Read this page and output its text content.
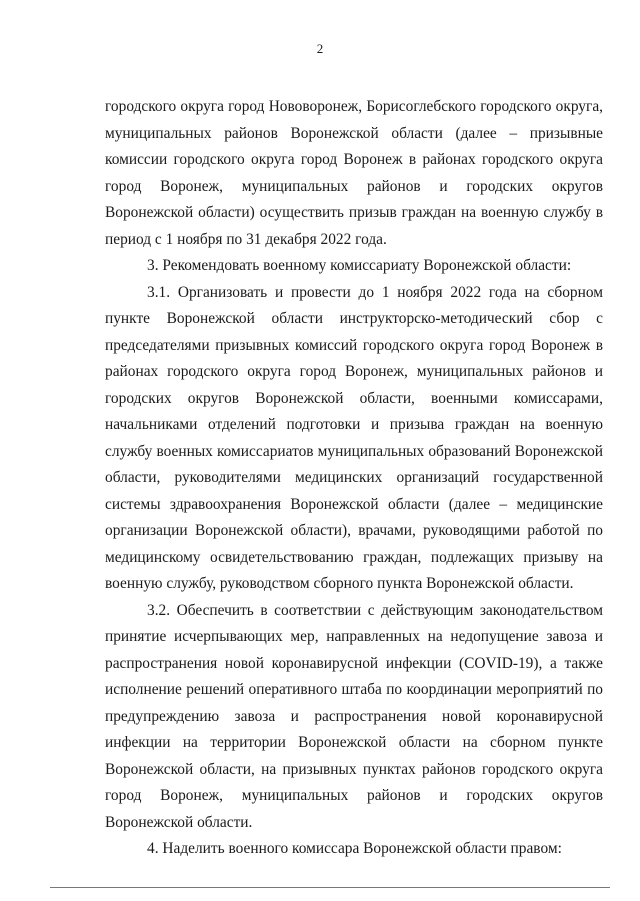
2

городского округа город Нововоронеж, Борисоглебского городского округа, муниципальных районов Воронежской области (далее – призывные комиссии городского округа город Воронеж в районах городского округа город Воронеж, муниципальных районов и городских округов Воронежской области) осуществить призыв граждан на военную службу в период с 1 ноября по 31 декабря 2022 года.

3. Рекомендовать военному комиссариату Воронежской области:

3.1. Организовать и провести до 1 ноября 2022 года на сборном пункте Воронежской области инструкторско-методический сбор с председателями призывных комиссий городского округа город Воронеж в районах городского округа город Воронеж, муниципальных районов и городских округов Воронежской области, военными комиссарами, начальниками отделений подготовки и призыва граждан на военную службу военных комиссариатов муниципальных образований Воронежской области, руководителями медицинских организаций государственной системы здравоохранения Воронежской области (далее – медицинские организации Воронежской области), врачами, руководящими работой по медицинскому освидетельствованию граждан, подлежащих призыву на военную службу, руководством сборного пункта Воронежской области.

3.2. Обеспечить в соответствии с действующим законодательством принятие исчерпывающих мер, направленных на недопущение завоза и распространения новой коронавирусной инфекции (COVID-19), а также исполнение решений оперативного штаба по координации мероприятий по предупреждению завоза и распространения новой коронавирусной инфекции на территории Воронежской области на сборном пункте Воронежской области, на призывных пунктах районов городского округа город Воронеж, муниципальных районов и городских округов Воронежской области.

4. Наделить военного комиссара Воронежской области правом:
